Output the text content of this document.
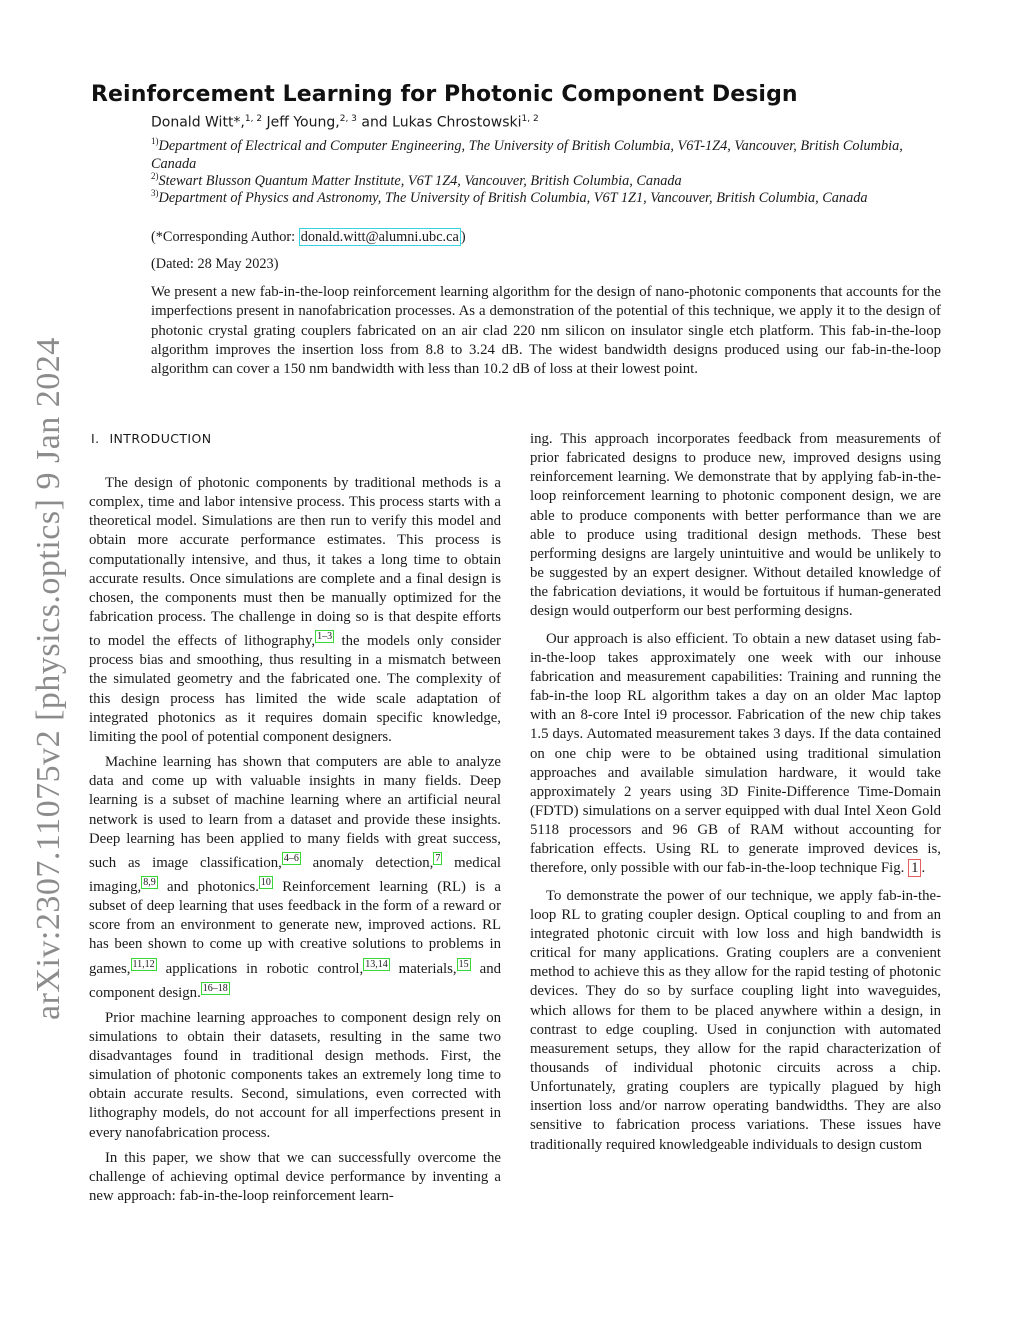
arXiv:2307.11075v2 [physics.optics] 9 Jan 2024
Reinforcement Learning for Photonic Component Design
Donald Witt*,$^{1, 2}$ Jeff Young,$^{2, 3}$ and Lukas Chrostowski$^{1, 2}$
$^{1)}$Department of Electrical and Computer Engineering, The University of British Columbia, V6T-1Z4, Vancouver, British Columbia, Canada
$^{2)}$Stewart Blusson Quantum Matter Institute, V6T 1Z4, Vancouver, British Columbia, Canada
$^{3)}$Department of Physics and Astronomy, The University of British Columbia, V6T 1Z1, Vancouver, British Columbia, Canada
(*Corresponding Author: donald.witt@alumni.ubc.ca )
(Dated: 28 May 2023)
We present a new fab-in-the-loop reinforcement learning algorithm for the design of nano-photonic components that accounts for the imperfections present in nanofabrication processes. As a demonstration of the potential of this technique, we apply it to the design of photonic crystal grating couplers fabricated on an air clad 220 nm silicon on insulator single etch platform. This fab-in-the-loop algorithm improves the insertion loss from 8.8 to 3.24 dB. The widest bandwidth designs produced using our fab-in-the-loop algorithm can cover a 150 nm bandwidth with less than 10.2 dB of loss at their lowest point.
I. INTRODUCTION

The design of photonic components by traditional methods is a complex, time and labor intensive process. This process starts with a theoretical model. Simulations are then run to verify this model and obtain more accurate performance estimates. This process is computationally intensive, and thus, it takes a long time to obtain accurate results. Once simulations are complete and a final design is chosen, the components must then be manually optimized for the fabrication process. The challenge in doing so is that despite efforts to model the effects of lithography, $^{1-3}$ the models only consider process bias and smoothing, thus resulting in a mismatch between the simulated geometry and the fabricated one. The complexity of this design process has limited the wide scale adaptation of integrated photonics as it requires domain specific knowledge, limiting the pool of potential component designers.

Machine learning has shown that computers are able to analyze data and come up with valuable insights in many fields. Deep learning is a subset of machine learning where an artificial neural network is used to learn from a dataset and provide these insights. Deep learning has been applied to many fields with great success, such as image classification, $^{4-6}$ anomaly detection, $^7$ medical imaging, $^{8,9}$ and photonics. $^{10}$ Reinforcement learning (RL) is a subset of deep learning that uses feedback in the form of a reward or score from an environment to generate new, improved actions. RL has been shown to come up with creative solutions to problems in games, $^{11,12}$ applications in robotic control, $^{13,14}$ materials, $^{15}$ and component design. $^{16-18}$

Prior machine learning approaches to component design rely on simulations to obtain their datasets, resulting in the same two disadvantages found in traditional design methods. First, the simulation of photonic components takes an extremely long time to obtain accurate results. Second, simulations, even corrected with lithography models, do not account for all imperfections present in every nanofabrication process.

In this paper, we show that we can successfully overcome the challenge of achieving optimal device performance by inventing a new approach: fab-in-the-loop reinforcement learn-

ing. This approach incorporates feedback from measurements of prior fabricated designs to produce new, improved designs using reinforcement learning. We demonstrate that by applying fab-in-the-loop reinforcement learning to photonic component design, we are able to produce components with better performance than we are able to produce using traditional design methods. These best performing designs are largely unintuitive and would be unlikely to be suggested by an expert designer. Without detailed knowledge of the fabrication deviations, it would be fortuitous if human-generated design would outperform our best performing designs.

Our approach is also efficient. To obtain a new dataset using fab-in-the-loop takes approximately one week with our inhouse fabrication and measurement capabilities: Training and running the fab-in-the loop RL algorithm takes a day on an older Mac laptop with an 8-core Intel i9 processor. Fabrication of the new chip takes 1.5 days. Automated measurement takes 3 days. If the data contained on one chip were to be obtained using traditional simulation approaches and available simulation hardware, it would take approximately 2 years using 3D Finite-Difference Time-Domain (FDTD) simulations on a server equipped with dual Intel Xeon Gold 5118 processors and 96 GB of RAM without accounting for fabrication effects. Using RL to generate improved devices is, therefore, only possible with our fab-in-the-loop technique Fig. 1 .

To demonstrate the power of our technique, we apply fab-in-the-loop RL to grating coupler design. Optical coupling to and from an integrated photonic circuit with low loss and high bandwidth is critical for many applications. Grating couplers are a convenient method to achieve this as they allow for the rapid testing of photonic devices. They do so by surface coupling light into waveguides, which allows for them to be placed anywhere within a design, in contrast to edge coupling. Used in conjunction with automated measurement setups, they allow for the rapid characterization of thousands of individual photonic circuits across a chip. Unfortunately, grating couplers are typically plagued by high insertion loss and/or narrow operating bandwidths. They are also sensitive to fabrication process variations. These issues have traditionally required knowledgeable individuals to design custom
